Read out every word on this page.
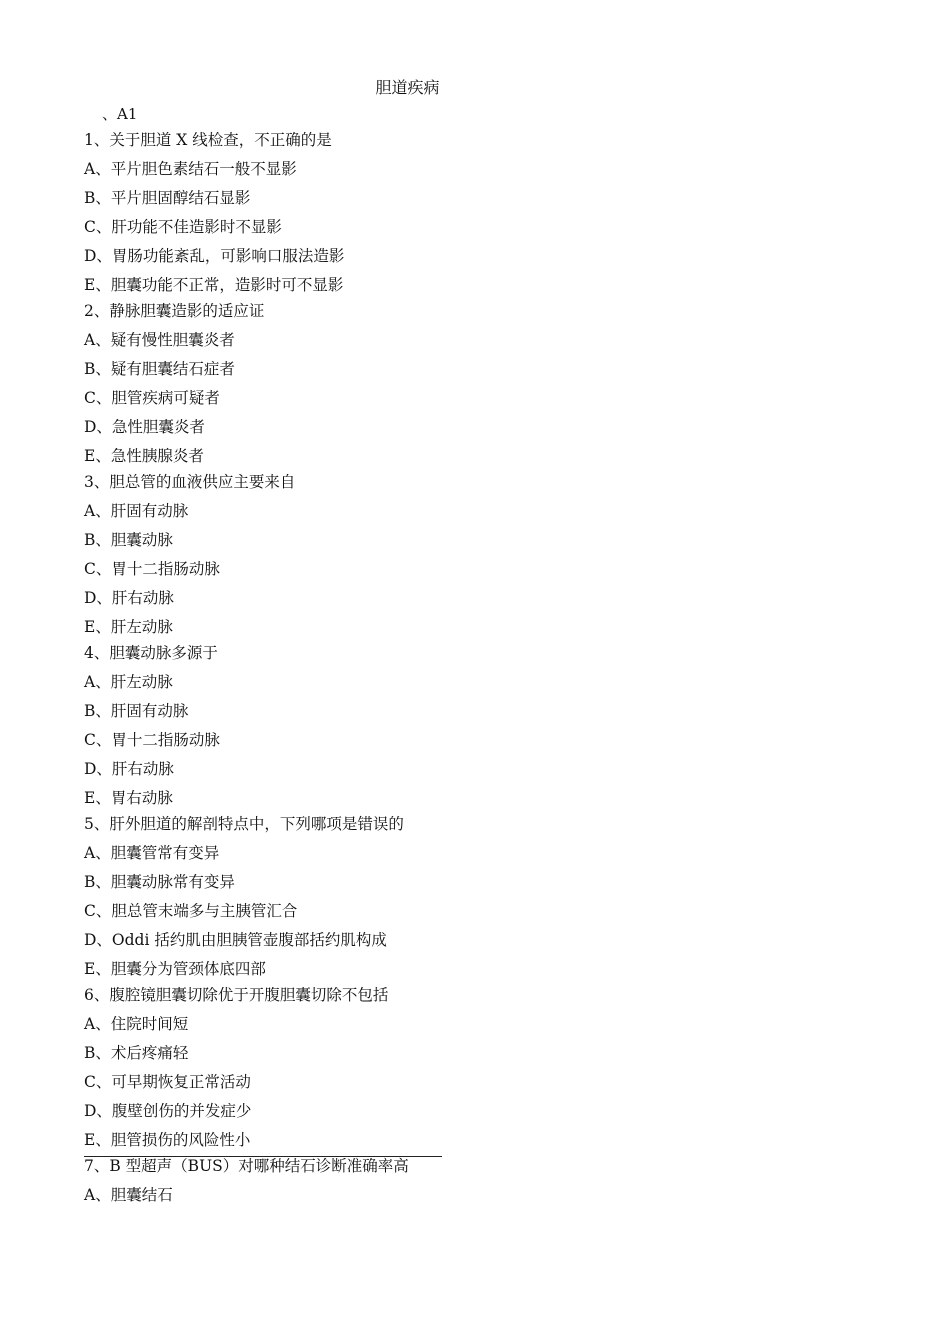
胆道疾病
、A1
1、关于胆道 X 线检查，不正确的是
A、平片胆色素结石一般不显影
B、平片胆固醇结石显影
C、肝功能不佳造影时不显影
D、胃肠功能紊乱，可影响口服法造影
E、胆囊功能不正常，造影时可不显影
2、静脉胆囊造影的适应证
A、疑有慢性胆囊炎者
B、疑有胆囊结石症者
C、胆管疾病可疑者
D、急性胆囊炎者
E、急性胰腺炎者
3、胆总管的血液供应主要来自
A、肝固有动脉
B、胆囊动脉
C、胃十二指肠动脉
D、肝右动脉
E、肝左动脉
4、胆囊动脉多源于
A、肝左动脉
B、肝固有动脉
C、胃十二指肠动脉
D、肝右动脉
E、胃右动脉
5、肝外胆道的解剖特点中，下列哪项是错误的
A、胆囊管常有变异
B、胆囊动脉常有变异
C、胆总管末端多与主胰管汇合
D、Oddi 括约肌由胆胰管壶腹部括约肌构成
E、胆囊分为管颈体底四部
6、腹腔镜胆囊切除优于开腹胆囊切除不包括
A、住院时间短
B、术后疼痛轻
C、可早期恢复正常活动
D、腹壁创伤的并发症少
E、胆管损伤的风险性小
7、B 型超声（BUS）对哪种结石诊断准确率高
A、胆囊结石
